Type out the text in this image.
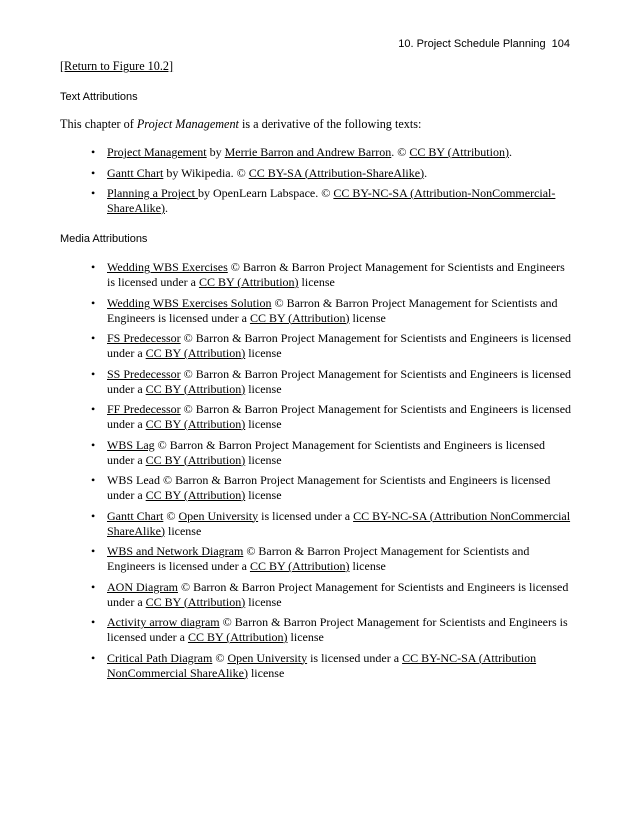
10. Project Schedule Planning 104
[Return to Figure 10.2]
Text Attributions
This chapter of Project Management is a derivative of the following texts:
• Project Management by Merrie Barron and Andrew Barron. © CC BY (Attribution).
• Gantt Chart by Wikipedia. © CC BY-SA (Attribution-ShareAlike).
• Planning a Project by OpenLearn Labspace. © CC BY-NC-SA (Attribution-NonCommercial-ShareAlike).
Media Attributions
• Wedding WBS Exercises © Barron & Barron Project Management for Scientists and Engineers is licensed under a CC BY (Attribution) license
• Wedding WBS Exercises Solution © Barron & Barron Project Management for Scientists and Engineers is licensed under a CC BY (Attribution) license
• FS Predecessor © Barron & Barron Project Management for Scientists and Engineers is licensed under a CC BY (Attribution) license
• SS Predecessor © Barron & Barron Project Management for Scientists and Engineers is licensed under a CC BY (Attribution) license
• FF Predecessor © Barron & Barron Project Management for Scientists and Engineers is licensed under a CC BY (Attribution) license
• WBS Lag © Barron & Barron Project Management for Scientists and Engineers is licensed under a CC BY (Attribution) license
• WBS Lead © Barron & Barron Project Management for Scientists and Engineers is licensed under a CC BY (Attribution) license
• Gantt Chart © Open University is licensed under a CC BY-NC-SA (Attribution NonCommercial ShareAlike) license
• WBS and Network Diagram © Barron & Barron Project Management for Scientists and Engineers is licensed under a CC BY (Attribution) license
• AON Diagram © Barron & Barron Project Management for Scientists and Engineers is licensed under a CC BY (Attribution) license
• Activity arrow diagram © Barron & Barron Project Management for Scientists and Engineers is licensed under a CC BY (Attribution) license
• Critical Path Diagram © Open University is licensed under a CC BY-NC-SA (Attribution NonCommercial ShareAlike) license
